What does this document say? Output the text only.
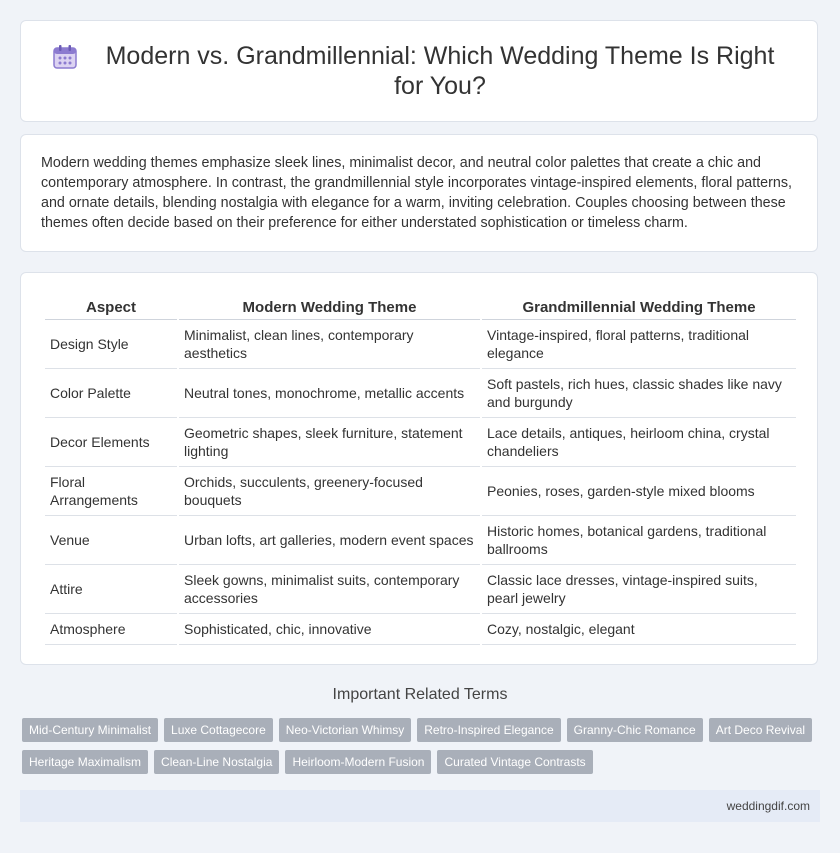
Modern vs. Grandmillennial: Which Wedding Theme Is Right for You?

Modern wedding themes emphasize sleek lines, minimalist decor, and neutral color palettes that create a chic and contemporary atmosphere. In contrast, the grandmillennial style incorporates vintage-inspired elements, floral patterns, and ornate details, blending nostalgia with elegance for a warm, inviting celebration. Couples choosing between these themes often decide based on their preference for either understated sophistication or timeless charm.

Aspect	Modern Wedding Theme	Grandmillennial Wedding Theme
Design Style	Minimalist, clean lines, contemporary aesthetics	Vintage-inspired, floral patterns, traditional elegance
Color Palette	Neutral tones, monochrome, metallic accents	Soft pastels, rich hues, classic shades like navy and burgundy
Decor Elements	Geometric shapes, sleek furniture, statement lighting	Lace details, antiques, heirloom china, crystal chandeliers
Floral Arrangements	Orchids, succulents, greenery-focused bouquets	Peonies, roses, garden-style mixed blooms
Venue	Urban lofts, art galleries, modern event spaces	Historic homes, botanical gardens, traditional ballrooms
Attire	Sleek gowns, minimalist suits, contemporary accessories	Classic lace dresses, vintage-inspired suits, pearl jewelry
Atmosphere	Sophisticated, chic, innovative	Cozy, nostalgic, elegant
Important Related Terms
Mid-Century Minimalist	Luxe Cottagecore	Neo-Victorian Whimsy	Retro-Inspired Elegance	Granny-Chic Romance	Art Deco Revival
Heritage Maximalism	Clean-Line Nostalgia	Heirloom-Modern Fusion	Curated Vintage Contrasts
weddingdif.com
